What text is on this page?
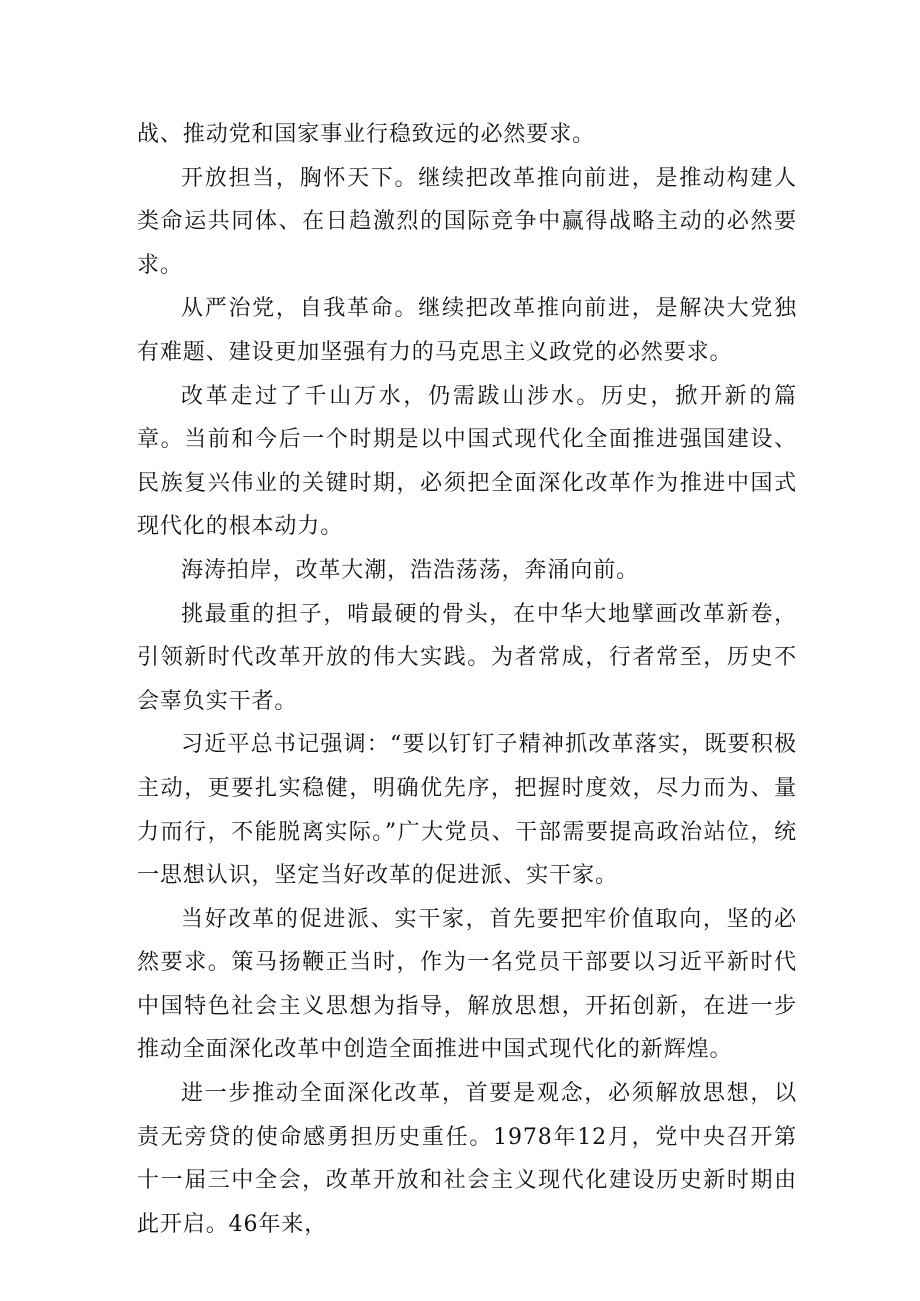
战、推动党和国家事业行稳致远的必然要求。

开放担当，胸怀天下。继续把改革推向前进，是推动构建人类命运共同体、在日趋激烈的国际竞争中赢得战略主动的必然要求。

从严治党，自我革命。继续把改革推向前进，是解决大党独有难题、建设更加坚强有力的马克思主义政党的必然要求。

改革走过了千山万水，仍需跋山涉水。历史，掀开新的篇章。当前和今后一个时期是以中国式现代化全面推进强国建设、民族复兴伟业的关键时期，必须把全面深化改革作为推进中国式现代化的根本动力。

海涛拍岸，改革大潮，浩浩荡荡，奔涌向前。

挑最重的担子，啃最硬的骨头，在中华大地擘画改革新卷，引领新时代改革开放的伟大实践。为者常成，行者常至，历史不会辜负实干者。

习近平总书记强调：“要以钉钉子精神抓改革落实，既要积极主动，更要扎实稳健，明确优先序，把握时度效，尽力而为、量力而行，不能脱离实际。”广大党员、干部需要提高政治站位，统一思想认识，坚定当好改革的促进派、实干家。

当好改革的促进派、实干家，首先要把牢价值取向，坚的必然要求。策马扬鞭正当时，作为一名党员干部要以习近平新时代中国特色社会主义思想为指导，解放思想，开拓创新，在进一步推动全面深化改革中创造全面推进中国式现代化的新辉煌。

进一步推动全面深化改革，首要是观念，必须解放思想，以责无旁贷的使命感勇担历史重任。1978年12月，党中央召开第十一届三中全会，改革开放和社会主义现代化建设历史新时期由此开启。46年来，
